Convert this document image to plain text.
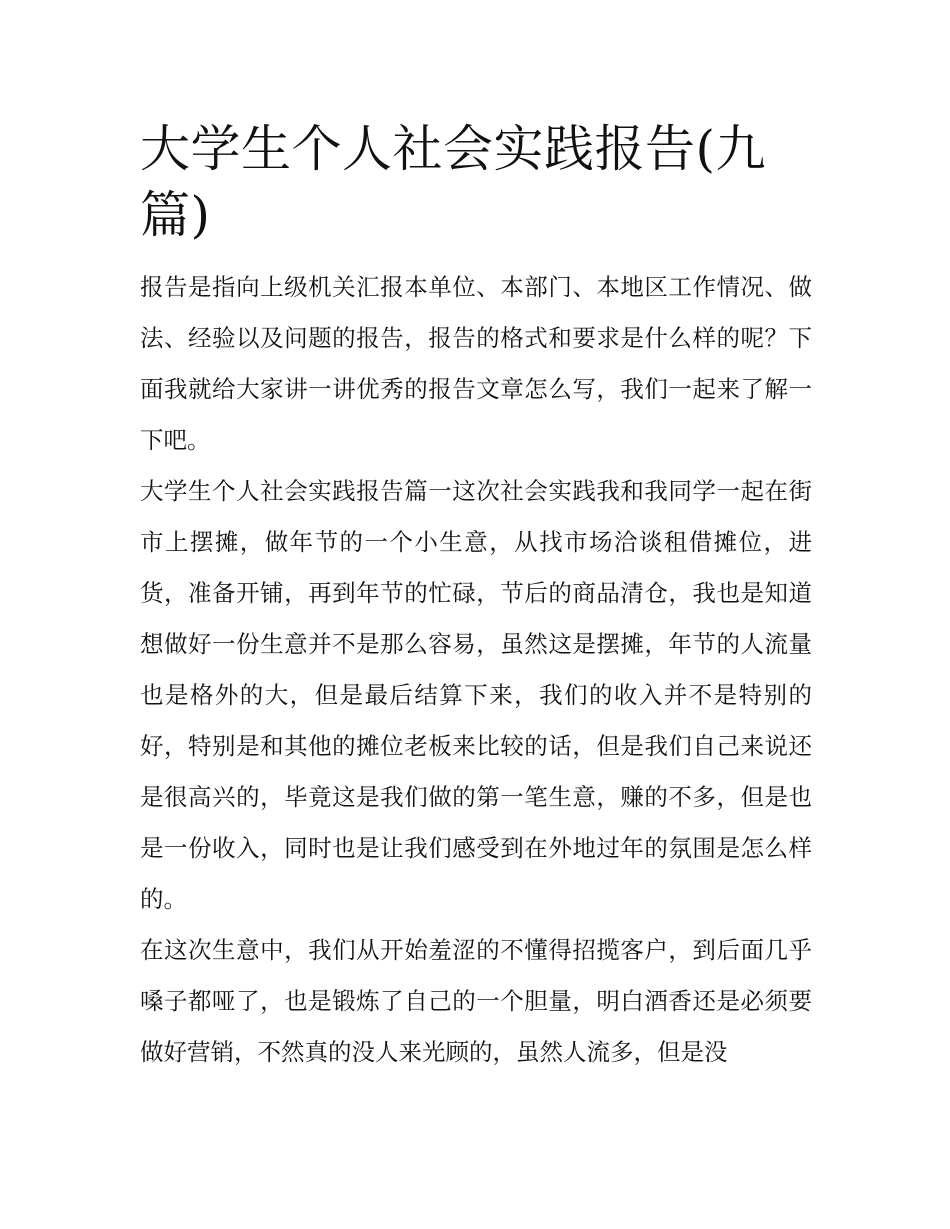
大学生个人社会实践报告(九篇)

报告是指向上级机关汇报本单位、本部门、本地区工作情况、做法、经验以及问题的报告，报告的格式和要求是什么样的呢？下面我就给大家讲一讲优秀的报告文章怎么写，我们一起来了解一下吧。

大学生个人社会实践报告篇一这次社会实践我和我同学一起在街市上摆摊，做年节的一个小生意，从找市场洽谈租借摊位，进货，准备开铺，再到年节的忙碌，节后的商品清仓，我也是知道想做好一份生意并不是那么容易，虽然这是摆摊，年节的人流量也是格外的大，但是最后结算下来，我们的收入并不是特别的好，特别是和其他的摊位老板来比较的话，但是我们自己来说还是很高兴的，毕竟这是我们做的第一笔生意，赚的不多，但是也是一份收入，同时也是让我们感受到在外地过年的氛围是怎么样的。

在这次生意中，我们从开始羞涩的不懂得招揽客户，到后面几乎嗓子都哑了，也是锻炼了自己的一个胆量，明白酒香还是必须要做好营销，不然真的没人来光顾的，虽然人流多，但是没
